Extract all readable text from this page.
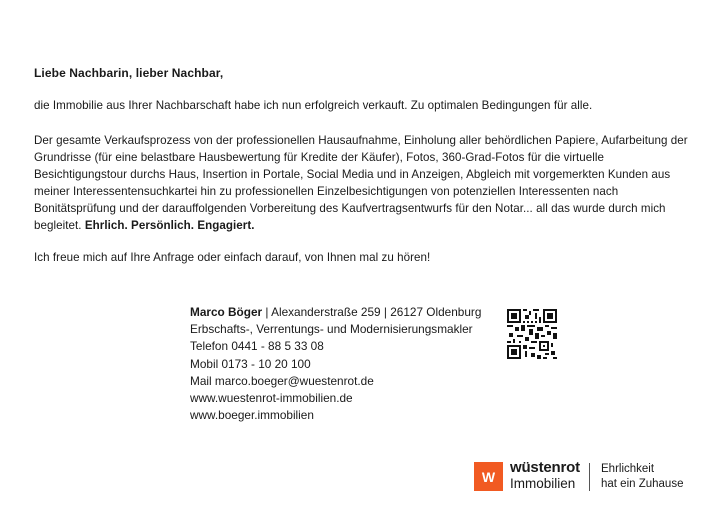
Liebe Nachbarin, lieber Nachbar,
die Immobilie aus Ihrer Nachbarschaft habe ich nun erfolgreich verkauft. Zu optimalen Bedingungen für alle.
Der gesamte Verkaufsprozess von der professionellen Hausaufnahme, Einholung aller behördlichen Papiere, Aufarbeitung der Grundrisse (für eine belastbare Hausbewertung für Kredite der Käufer), Fotos, 360-Grad-Fotos für die virtuelle Besichtigungstour durchs Haus, Insertion in Portale, Social Media und in Anzeigen, Abgleich mit vorgemerkten Kunden aus meiner Interessentensuchkartei hin zu professionellen Einzelbesichtigungen von potenziellen Interessenten nach Bonitätsprüfung und der darauffolgenden Vorbereitung des Kaufvertragsentwurfs für den Notar... all das wurde durch mich begleitet. Ehrlich. Persönlich. Engagiert.
Ich freue mich auf Ihre Anfrage oder einfach darauf, von Ihnen mal zu hören!
Marco Böger | Alexanderstraße 259 | 26127 Oldenburg
Erbschafts-, Verrentungs- und Modernisierungsmakler
Telefon 0441 - 88 5 33 08
Mobil 0173 - 10 20 100
Mail marco.boeger@wuestenrot.de
www.wuestenrot-immobilien.de
www.boeger.immobilien
W
wüstenrot
Immobilien
Ehrlichkeit
hat ein Zuhause
